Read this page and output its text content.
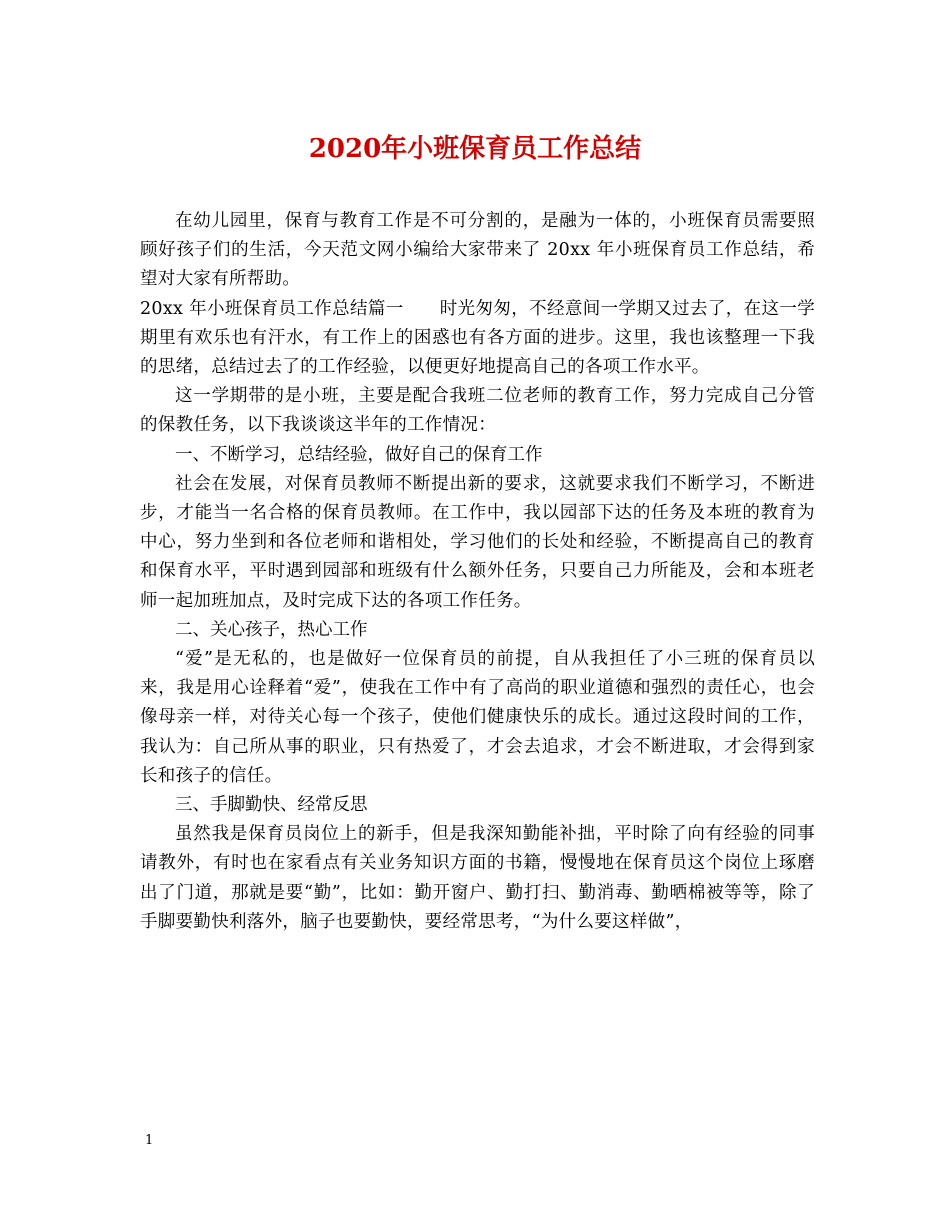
2020年小班保育员工作总结

在幼儿园里，保育与教育工作是不可分割的，是融为一体的，小班保育员需要照顾好孩子们的生活，今天范文网小编给大家带来了 20xx 年小班保育员工作总结，希望对大家有所帮助。

20xx 年小班保育员工作总结篇一 时光匆匆，不经意间一学期又过去了，在这一学期里有欢乐也有汗水，有工作上的困惑也有各方面的进步。这里，我也该整理一下我的思绪，总结过去了的工作经验，以便更好地提高自己的各项工作水平。

这一学期带的是小班，主要是配合我班二位老师的教育工作，努力完成自己分管的保教任务，以下我谈谈这半年的工作情况：

一、不断学习，总结经验，做好自己的保育工作

社会在发展，对保育员教师不断提出新的要求，这就要求我们不断学习，不断进步，才能当一名合格的保育员教师。在工作中，我以园部下达的任务及本班的教育为中心，努力坐到和各位老师和谐相处，学习他们的长处和经验，不断提高自己的教育和保育水平，平时遇到园部和班级有什么额外任务，只要自己力所能及，会和本班老师一起加班加点，及时完成下达的各项工作任务。

二、关心孩子，热心工作

“爱”是无私的，也是做好一位保育员的前提，自从我担任了小三班的保育员以来，我是用心诠释着“爱”，使我在工作中有了高尚的职业道德和强烈的责任心，也会像母亲一样，对待关心每一个孩子，使他们健康快乐的成长。通过这段时间的工作，我认为：自己所从事的职业，只有热爱了，才会去追求，才会不断进取，才会得到家长和孩子的信任。

三、手脚勤快、经常反思

虽然我是保育员岗位上的新手，但是我深知勤能补拙，平时除了向有经验的同事请教外，有时也在家看点有关业务知识方面的书籍，慢慢地在保育员这个岗位上琢磨出了门道，那就是要“勤”，比如：勤开窗户、勤打扫、勤消毒、勤晒棉被等等，除了手脚要勤快利落外，脑子也要勤快，要经常思考，“为什么要这样做”，

1
